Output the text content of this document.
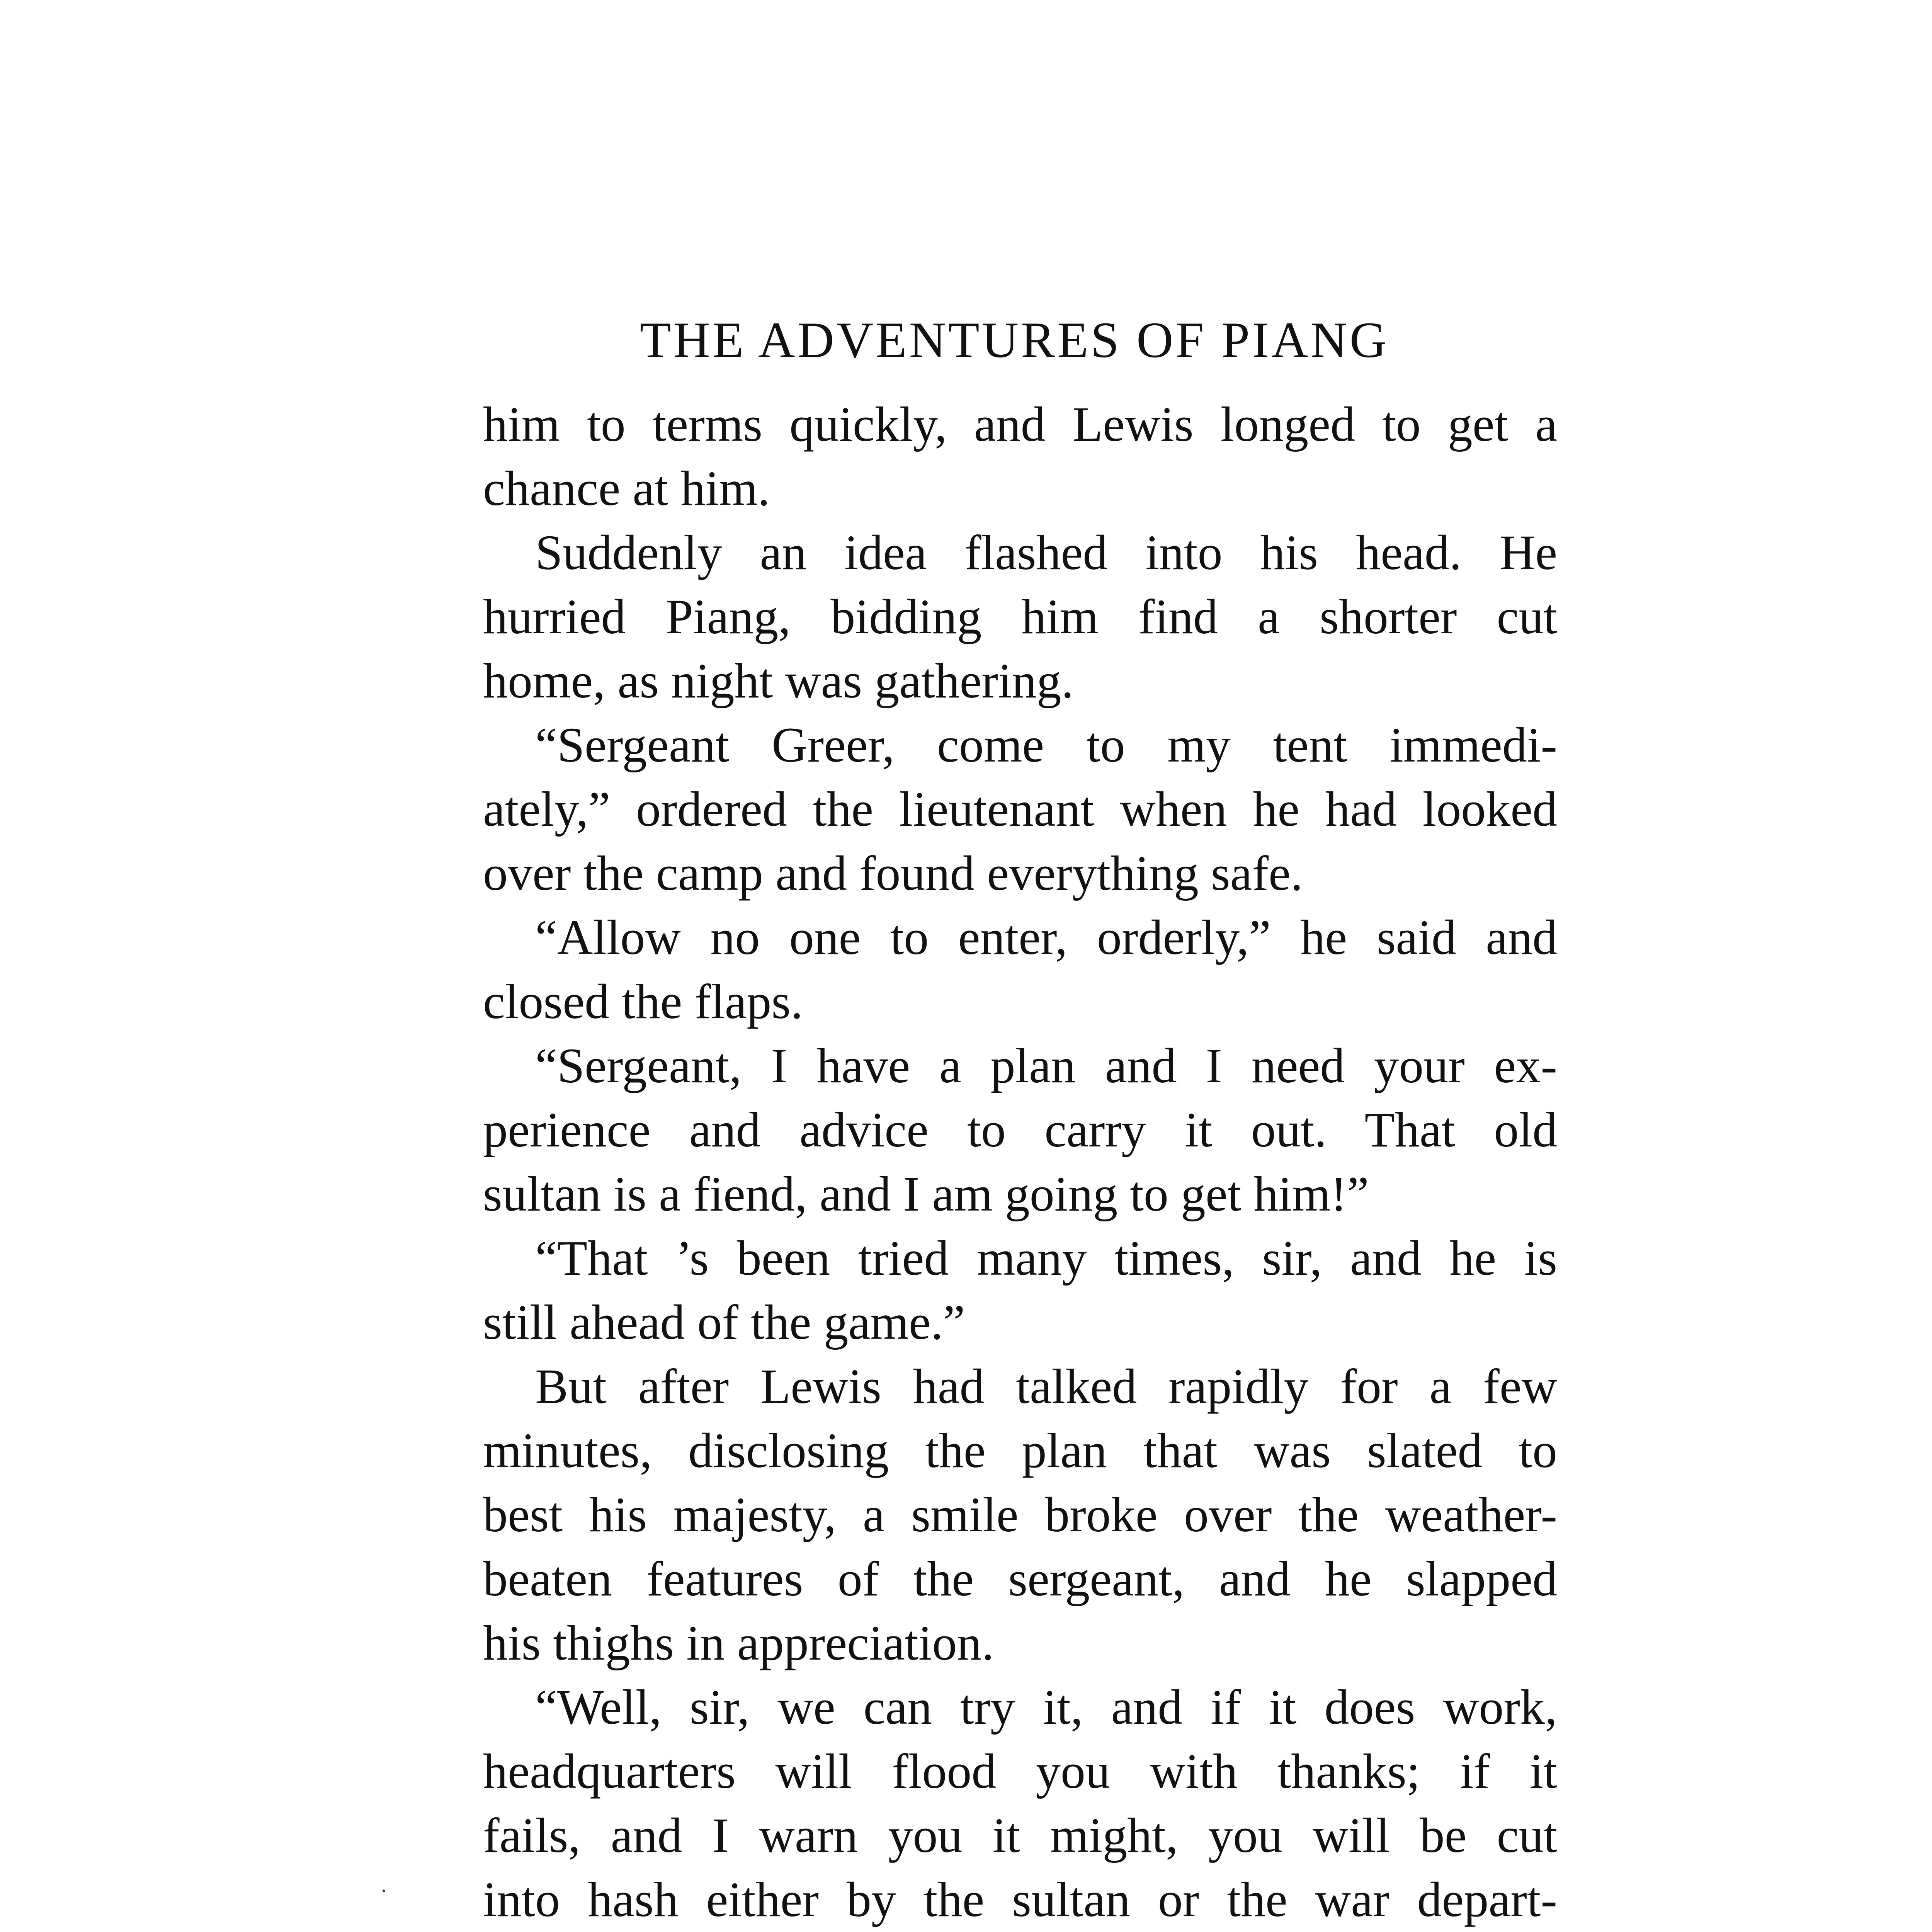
THE ADVENTURES OF PIANG
him to terms quickly, and Lewis longed to get a
chance at him.
Suddenly an idea flashed into his head. He
hurried Piang, bidding him find a shorter cut
home, as night was gathering.
“Sergeant Greer, come to my tent immedi-
ately,” ordered the lieutenant when he had looked
over the camp and found everything safe.
“Allow no one to enter, orderly,” he said and
closed the flaps.
“Sergeant, I have a plan and I need your ex-
perience and advice to carry it out. That old
sultan is a fiend, and I am going to get him!”
“That ’s been tried many times, sir, and he is
still ahead of the game.”
But after Lewis had talked rapidly for a few
minutes, disclosing the plan that was slated to
best his majesty, a smile broke over the weather-
beaten features of the sergeant, and he slapped
his thighs in appreciation.
“Well, sir, we can try it, and if it does work,
headquarters will flood you with thanks; if it
fails, and I warn you it might, you will be cut
into hash either by the sultan or the war depart-
